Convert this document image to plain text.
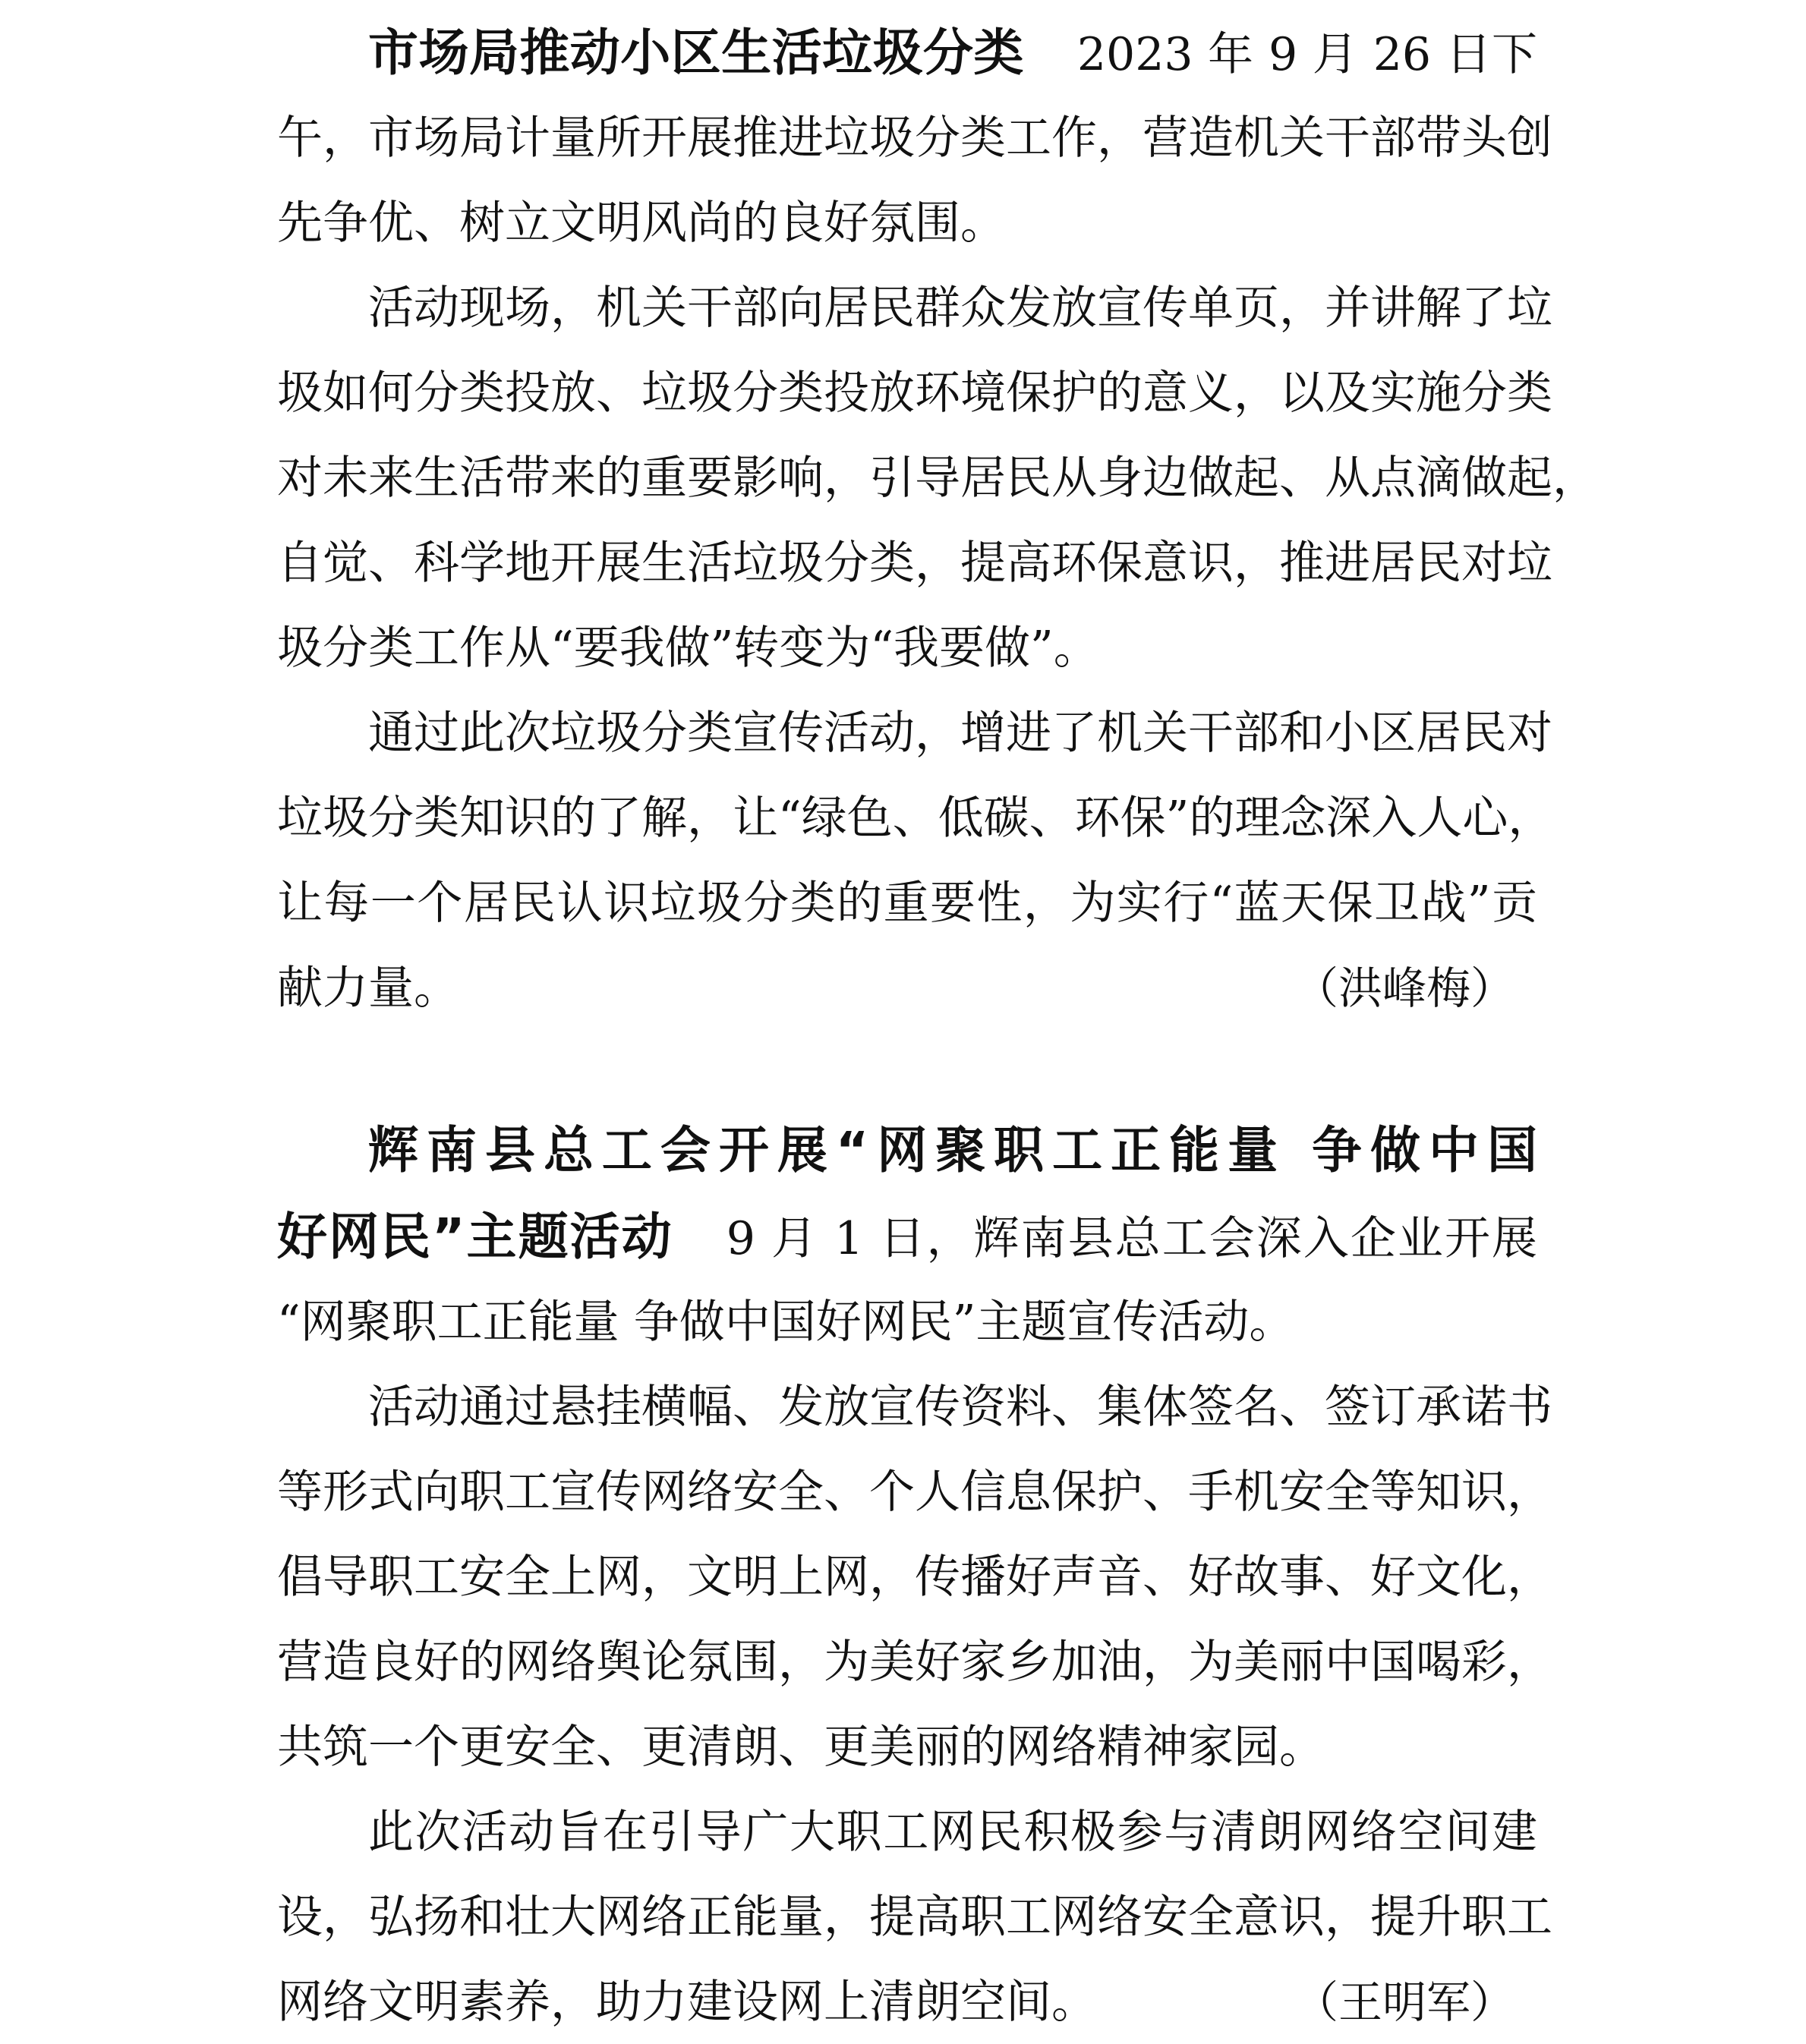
市场局推动小区生活垃圾分类 2023 年 9 月 26 日下
午，市场局计量所开展推进垃圾分类工作，营造机关干部带头创
先争优、树立文明风尚的良好氛围。
活动现场，机关干部向居民群众发放宣传单页，并讲解了垃
圾如何分类投放、垃圾分类投放环境保护的意义，以及实施分类
对未来生活带来的重要影响，引导居民从身边做起、从点滴做起，
自觉、科学地开展生活垃圾分类，提高环保意识，推进居民对垃
圾分类工作从“要我做”转变为“我要做”。
通过此次垃圾分类宣传活动，增进了机关干部和小区居民对
垃圾分类知识的了解，让“绿色、低碳、环保”的理念深入人心，
让每一个居民认识垃圾分类的重要性，为实行“蓝天保卫战”贡
献力量。	（洪峰梅）
辉南县总工会开展“网聚职工正能量 争做中国
好网民”主题活动 9 月 1 日，辉南县总工会深入企业开展
“网聚职工正能量 争做中国好网民”主题宣传活动。
活动通过悬挂横幅、发放宣传资料、集体签名、签订承诺书
等形式向职工宣传网络安全、个人信息保护、手机安全等知识，
倡导职工安全上网，文明上网，传播好声音、好故事、好文化，
营造良好的网络舆论氛围，为美好家乡加油，为美丽中国喝彩，
共筑一个更安全、更清朗、更美丽的网络精神家园。
此次活动旨在引导广大职工网民积极参与清朗网络空间建
设，弘扬和壮大网络正能量，提高职工网络安全意识，提升职工
网络文明素养，助力建设网上清朗空间。	（王明军）
